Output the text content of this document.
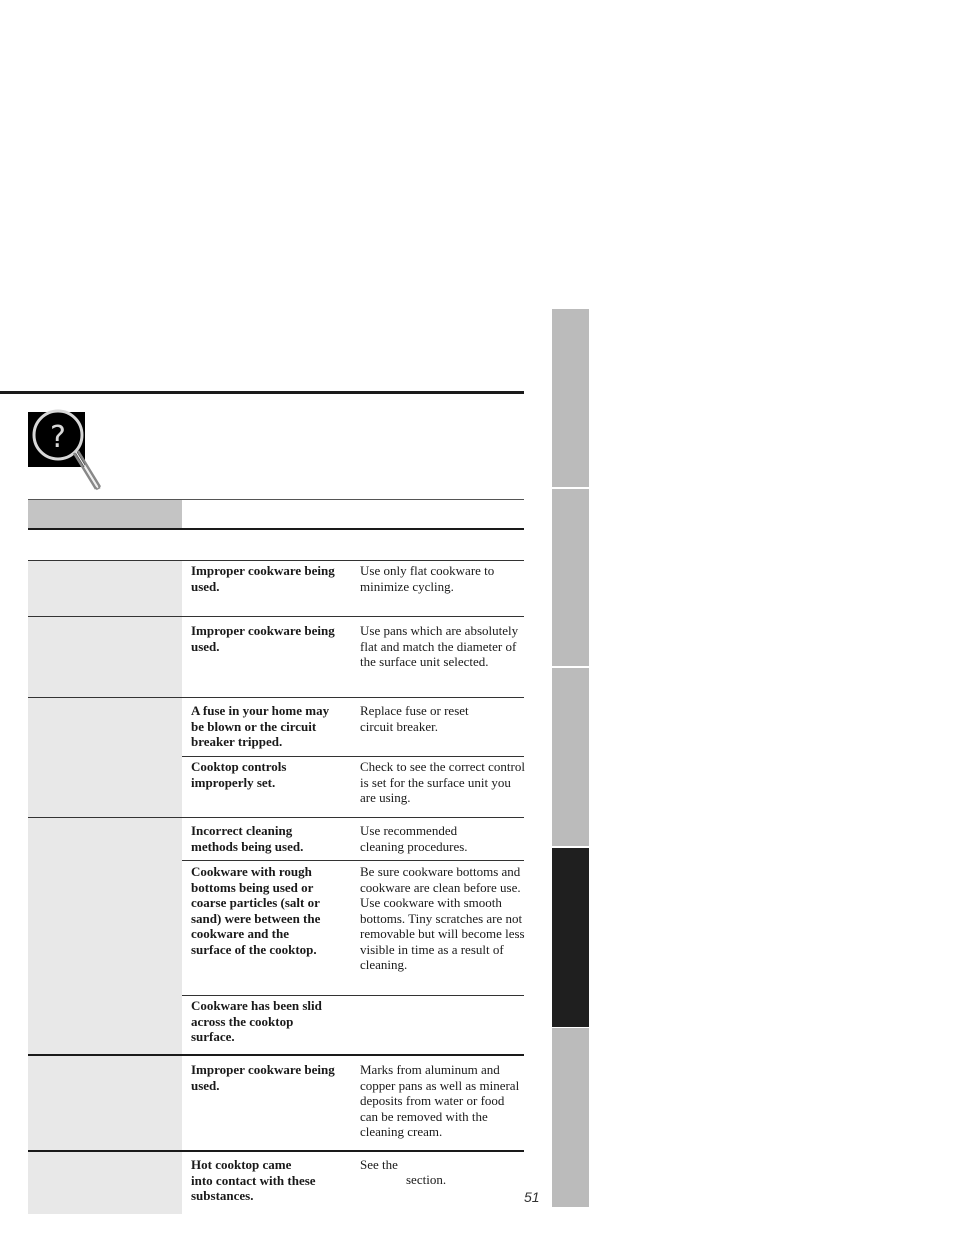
?
Improper cookware being used.
Use only flat cookware to minimize cycling.
Improper cookware being used.
Use pans which are absolutely flat and match the diameter of the surface unit selected.
A fuse in your home may be blown or the circuit breaker tripped.
Replace fuse or reset circuit breaker.
Cooktop controls improperly set.
Check to see the correct control is set for the surface unit you are using.
Incorrect cleaning methods being used.
Use recommended cleaning procedures.
Cookware with rough bottoms being used or coarse particles (salt or sand) were between the cookware and the surface of the cooktop.
Be sure cookware bottoms and cookware are clean before use. Use cookware with smooth bottoms. Tiny scratches are not removable but will become less visible in time as a result of cleaning.
Cookware has been slid across the cooktop surface.
Improper cookware being used.
Marks from aluminum and copper pans as well as mineral deposits from water or food can be removed with the cleaning cream.
Hot cooktop came into contact with these substances.
See the
section.
51
